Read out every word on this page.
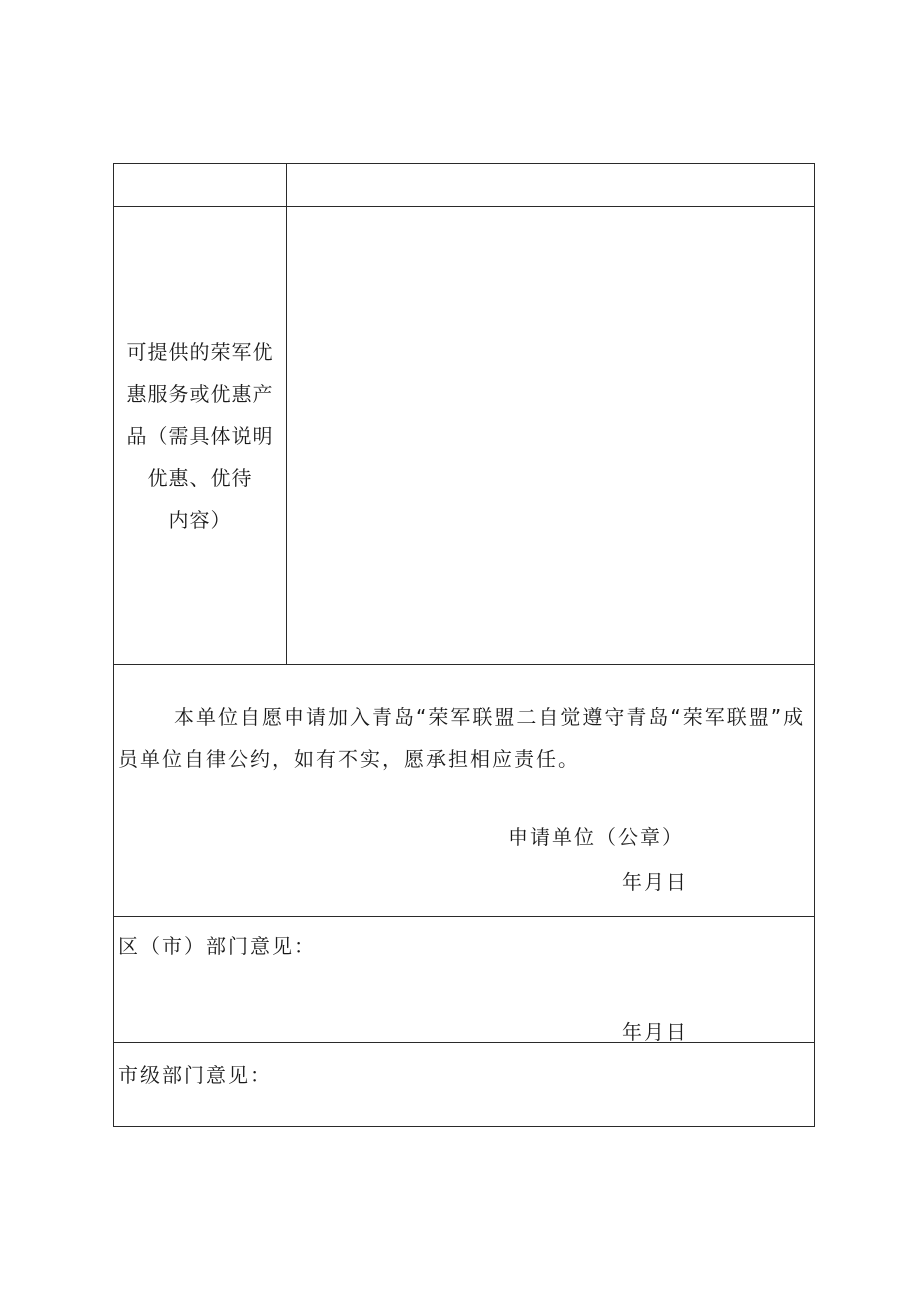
可提供的荣军优
惠服务或优惠产
品（需具体说明
优惠、优待
内容）
本单位自愿申请加入青岛“荣军联盟二自觉遵守青岛“荣军联盟”成员单位自律公约，如有不实，愿承担相应责任。
申请单位（公章）
年月日
区（市）部门意见：
年月日
市级部门意见：
